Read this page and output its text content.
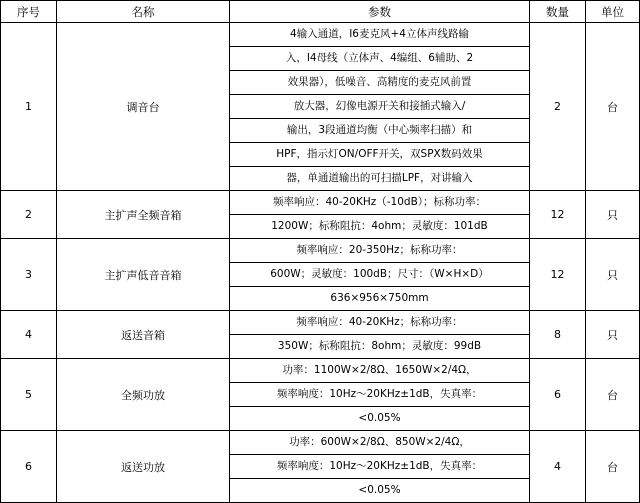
序号	名称	参数	数量	单位
1	调音台	4输入通道，I6麦克风+4立体声线路输	2	台
		入，I4母线（立体声、4编组、6辅助、2		
		效果器），低噪音、高精度的麦克风前置		
		放大器，幻像电源开关和接插式输入/		
		输出，3段通道均衡（中心频率扫描）和		
		HPF，指示灯ON/OFF开关，双SPX数码效果		
		器，单通道输出的可扫描LPF，对讲输入		
2	主扩声全频音箱	频率响应：40-20KHz（-10dB）；标称功率：	12	只
		1200W；标称阻抗：4ohm；灵敏度：101dB		
3	主扩声低音音箱	频率响应：20-350Hz；标称功率：	12	只
		600W；灵敏度：100dB；尺寸：（W×H×D）		
		636×956×750mm		
4	返送音箱	频率响应：40-20KHz；标称功率：	8	只
		350W；标称阻抗：8ohm；灵敏度：99dB		
5	全频功放	功率：1100W×2/8Ω、1650W×2/4Ω，	6	台
		频率响度：10Hz～20KHz±1dB，失真率：		
		<0.05%		
6	返送功放	功率：600W×2/8Ω、850W×2/4Ω，	4	台
		频率响度：10Hz～20KHz±1dB，失真率：		
		<0.05%		
